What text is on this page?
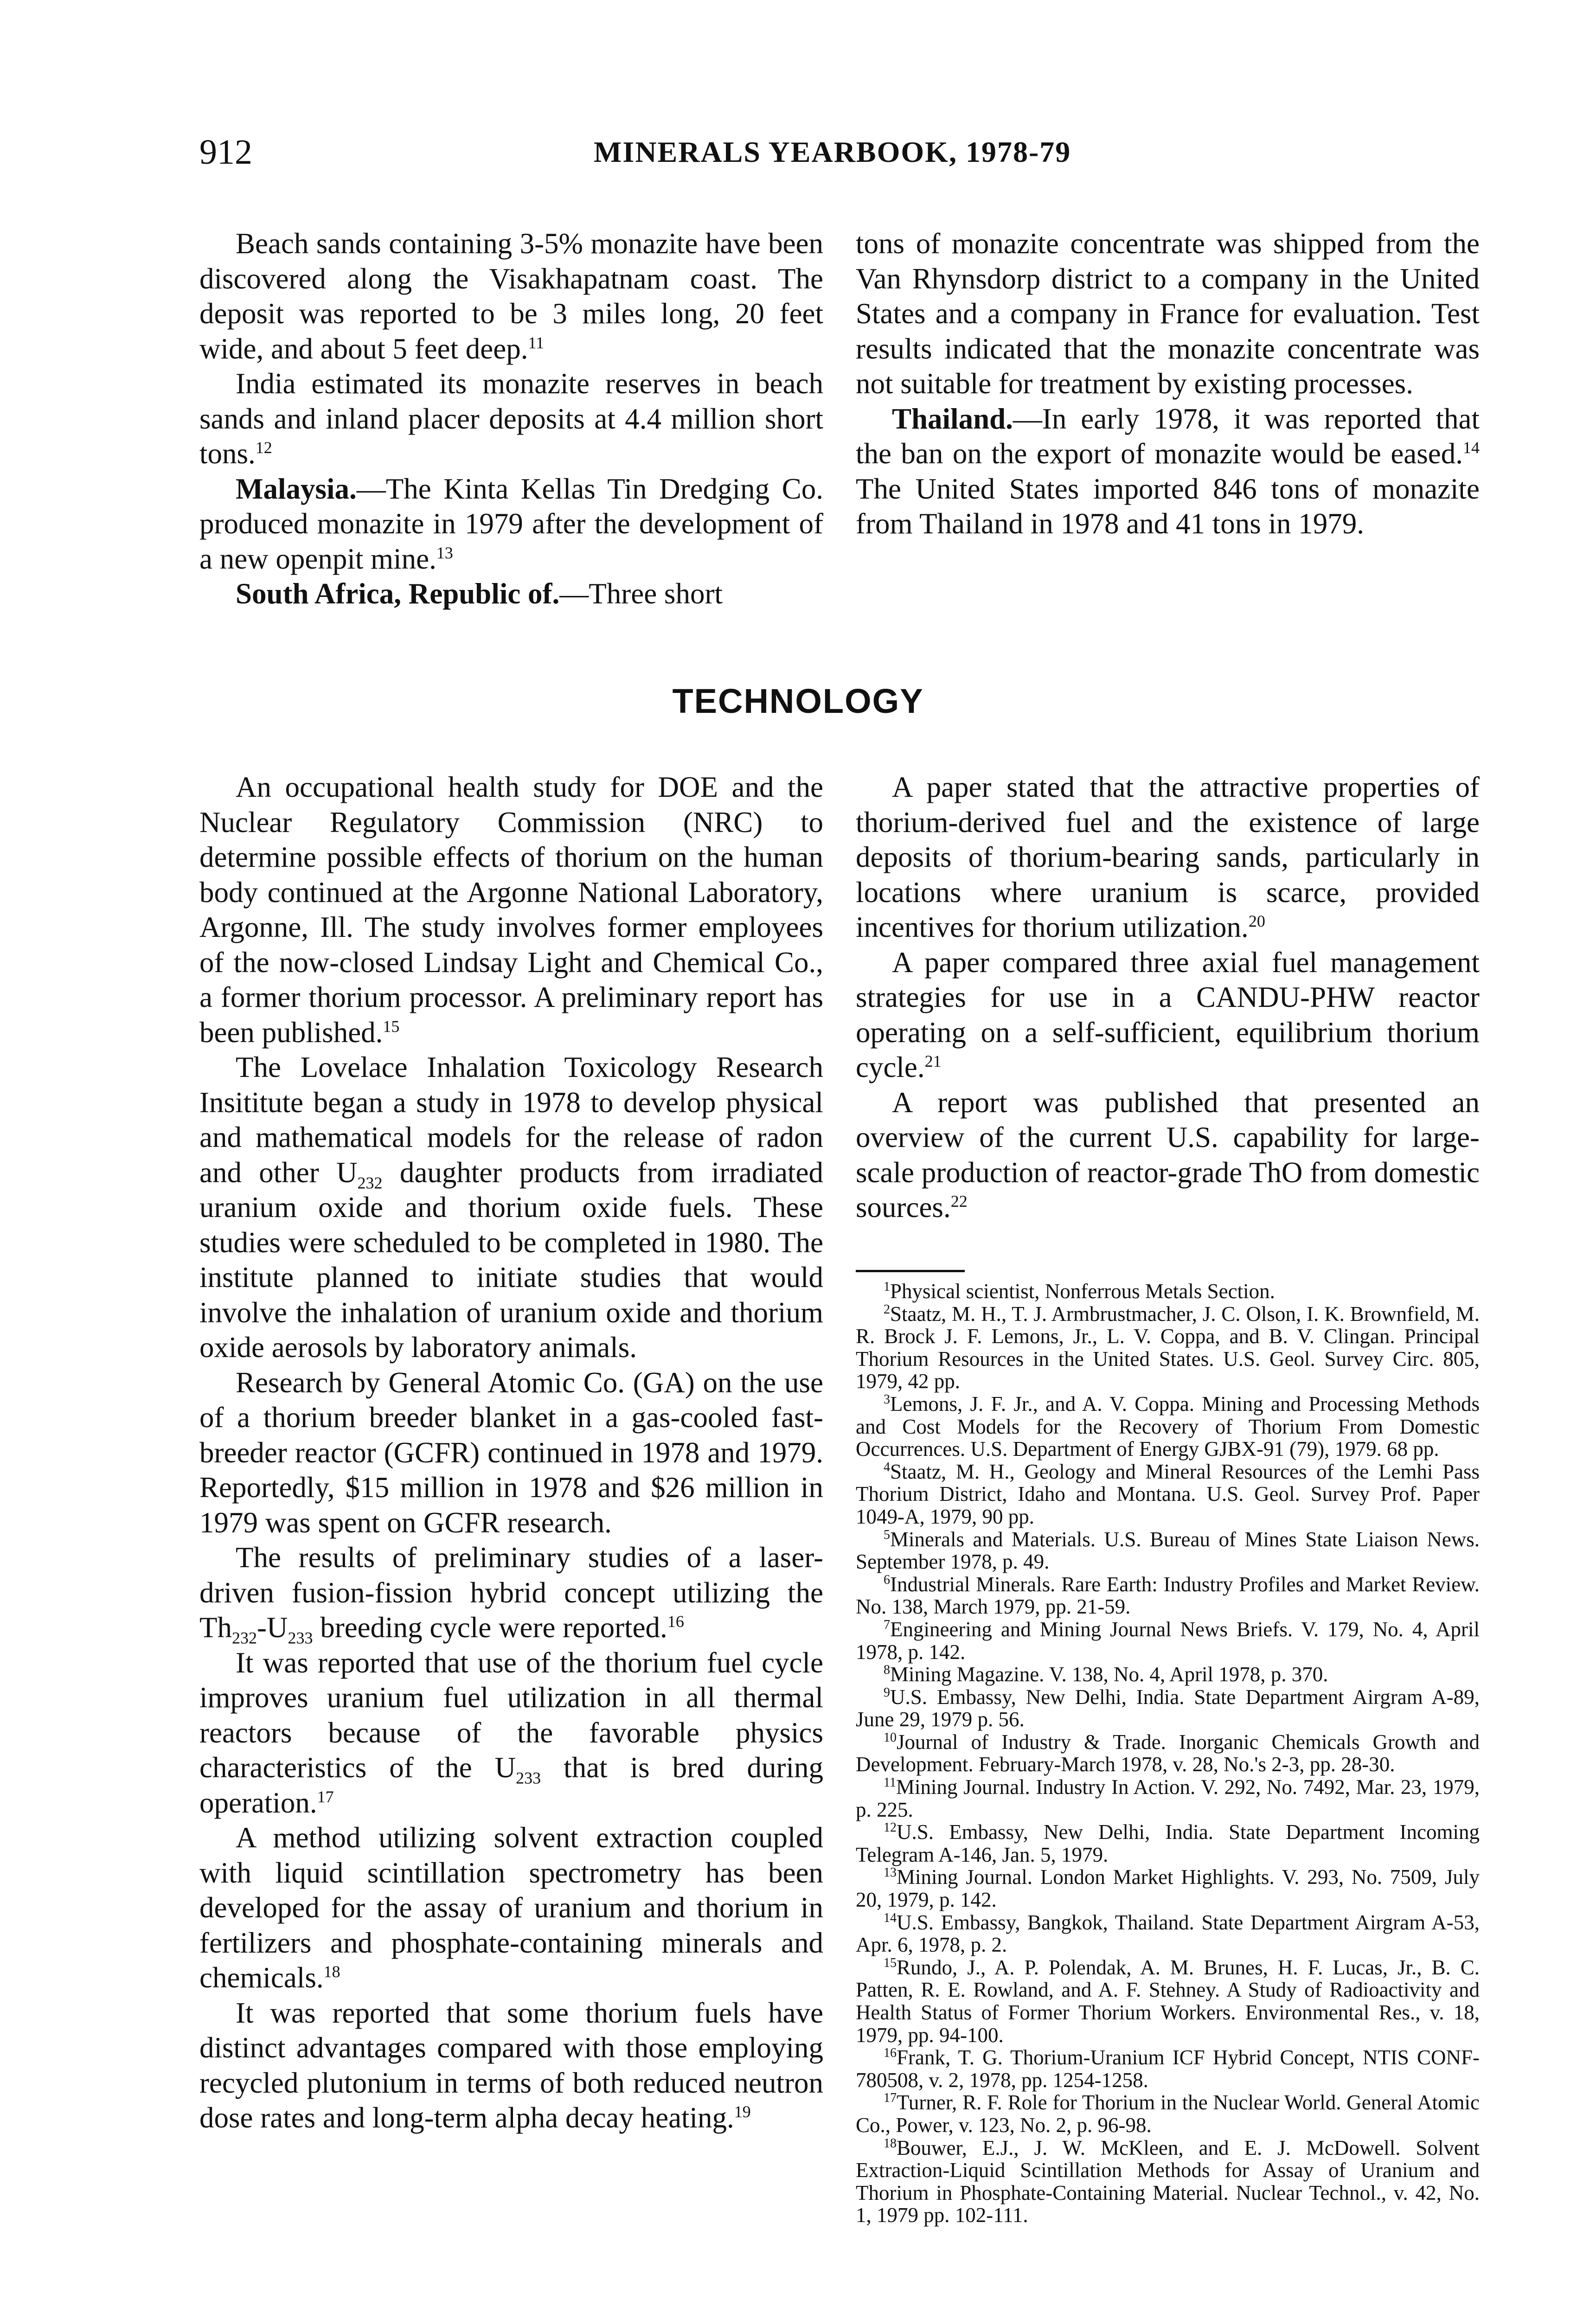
912	MINERALS YEARBOOK, 1978-79

Beach sands containing 3-5% monazite have been discovered along the Visakhapatnam coast. The deposit was reported to be 3 miles long, 20 feet wide, and about 5 feet deep.$^{11}$

India estimated its monazite reserves in beach sands and inland placer deposits at 4.4 million short tons.$^{12}$

Malaysia.—The Kinta Kellas Tin Dredging Co. produced monazite in 1979 after the development of a new openpit mine.$^{13}$

South Africa, Republic of.—Three short

tons of monazite concentrate was shipped from the Van Rhynsdorp district to a company in the United States and a company in France for evaluation. Test results indicated that the monazite concentrate was not suitable for treatment by existing processes.

Thailand.—In early 1978, it was reported that the ban on the export of monazite would be eased.$^{14}$ The United States imported 846 tons of monazite from Thailand in 1978 and 41 tons in 1979.

TECHNOLOGY

An occupational health study for DOE and the Nuclear Regulatory Commission (NRC) to determine possible effects of thorium on the human body continued at the Argonne National Laboratory, Argonne, Ill. The study involves former employees of the now-closed Lindsay Light and Chemical Co., a former thorium processor. A preliminary report has been published.$^{15}$

The Lovelace Inhalation Toxicology Research Insititute began a study in 1978 to develop physical and mathematical models for the release of radon and other $U_{232}$ daughter products from irradiated uranium oxide and thorium oxide fuels. These studies were scheduled to be completed in 1980. The institute planned to initiate studies that would involve the inhalation of uranium oxide and thorium oxide aerosols by laboratory animals.

Research by General Atomic Co. (GA) on the use of a thorium breeder blanket in a gas-cooled fast-breeder reactor (GCFR) continued in 1978 and 1979. Reportedly, $15 million in 1978 and $26 million in 1979 was spent on GCFR research.

The results of preliminary studies of a laser-driven fusion-fission hybrid concept utilizing the $Th_{232}-U_{233}$ breeding cycle were reported.$^{16}$

It was reported that use of the thorium fuel cycle improves uranium fuel utilization in all thermal reactors because of the favorable physics characteristics of the $U_{233}$ that is bred during operation.$^{17}$

A method utilizing solvent extraction coupled with liquid scintillation spectrometry has been developed for the assay of uranium and thorium in fertilizers and phosphate-containing minerals and chemicals.$^{18}$

It was reported that some thorium fuels have distinct advantages compared with those employing recycled plutonium in terms of both reduced neutron dose rates and long-term alpha decay heating.$^{19}$

A paper stated that the attractive properties of thorium-derived fuel and the existence of large deposits of thorium-bearing sands, particularly in locations where uranium is scarce, provided incentives for thorium utilization.$^{20}$

A paper compared three axial fuel management strategies for use in a CANDU-PHW reactor operating on a self-sufficient, equilibrium thorium cycle.$^{21}$

A report was published that presented an overview of the current U.S. capability for large-scale production of reactor-grade ThO from domestic sources.$^{22}$

$^1$Physical scientist, Nonferrous Metals Section.

$^2$Staatz, M. H., T. J. Armbrustmacher, J. C. Olson, I. K. Brownfield, M. R. Brock J. F. Lemons, Jr., L. V. Coppa, and B. V. Clingan. Principal Thorium Resources in the United States. U.S. Geol. Survey Circ. 805, 1979, 42 pp.

$^3$Lemons, J. F. Jr., and A. V. Coppa. Mining and Processing Methods and Cost Models for the Recovery of Thorium From Domestic Occurrences. U.S. Department of Energy GJBX-91 (79), 1979. 68 pp.

$^4$Staatz, M. H., Geology and Mineral Resources of the Lemhi Pass Thorium District, Idaho and Montana. U.S. Geol. Survey Prof. Paper 1049-A, 1979, 90 pp.

$^5$Minerals and Materials. U.S. Bureau of Mines State Liaison News. September 1978, p. 49.

$^6$Industrial Minerals. Rare Earth: Industry Profiles and Market Review. No. 138, March 1979, pp. 21-59.

$^7$Engineering and Mining Journal News Briefs. V. 179, No. 4, April 1978, p. 142.

$^8$Mining Magazine. V. 138, No. 4, April 1978, p. 370.

$^9$U.S. Embassy, New Delhi, India. State Department Airgram A-89, June 29, 1979 p. 56.

$^{10}$Journal of Industry & Trade. Inorganic Chemicals Growth and Development. February-March 1978, v. 28, No.'s 2-3, pp. 28-30.

$^{11}$Mining Journal. Industry In Action. V. 292, No. 7492, Mar. 23, 1979, p. 225.

$^{12}$U.S. Embassy, New Delhi, India. State Department Incoming Telegram A-146, Jan. 5, 1979.

$^{13}$Mining Journal. London Market Highlights. V. 293, No. 7509, July 20, 1979, p. 142.

$^{14}$U.S. Embassy, Bangkok, Thailand. State Department Airgram A-53, Apr. 6, 1978, p. 2.

$^{15}$Rundo, J., A. P. Polendak, A. M. Brunes, H. F. Lucas, Jr., B. C. Patten, R. E. Rowland, and A. F. Stehney. A Study of Radioactivity and Health Status of Former Thorium Workers. Environmental Res., v. 18, 1979, pp. 94-100.

$^{16}$Frank, T. G. Thorium-Uranium ICF Hybrid Concept, NTIS CONF-780508, v. 2, 1978, pp. 1254-1258.

$^{17}$Turner, R. F. Role for Thorium in the Nuclear World. General Atomic Co., Power, v. 123, No. 2, p. 96-98.

$^{18}$Bouwer, E.J., J. W. McKleen, and E. J. McDowell. Solvent Extraction-Liquid Scintillation Methods for Assay of Uranium and Thorium in Phosphate-Containing Material. Nuclear Technol., v. 42, No. 1, 1979 pp. 102-111.
